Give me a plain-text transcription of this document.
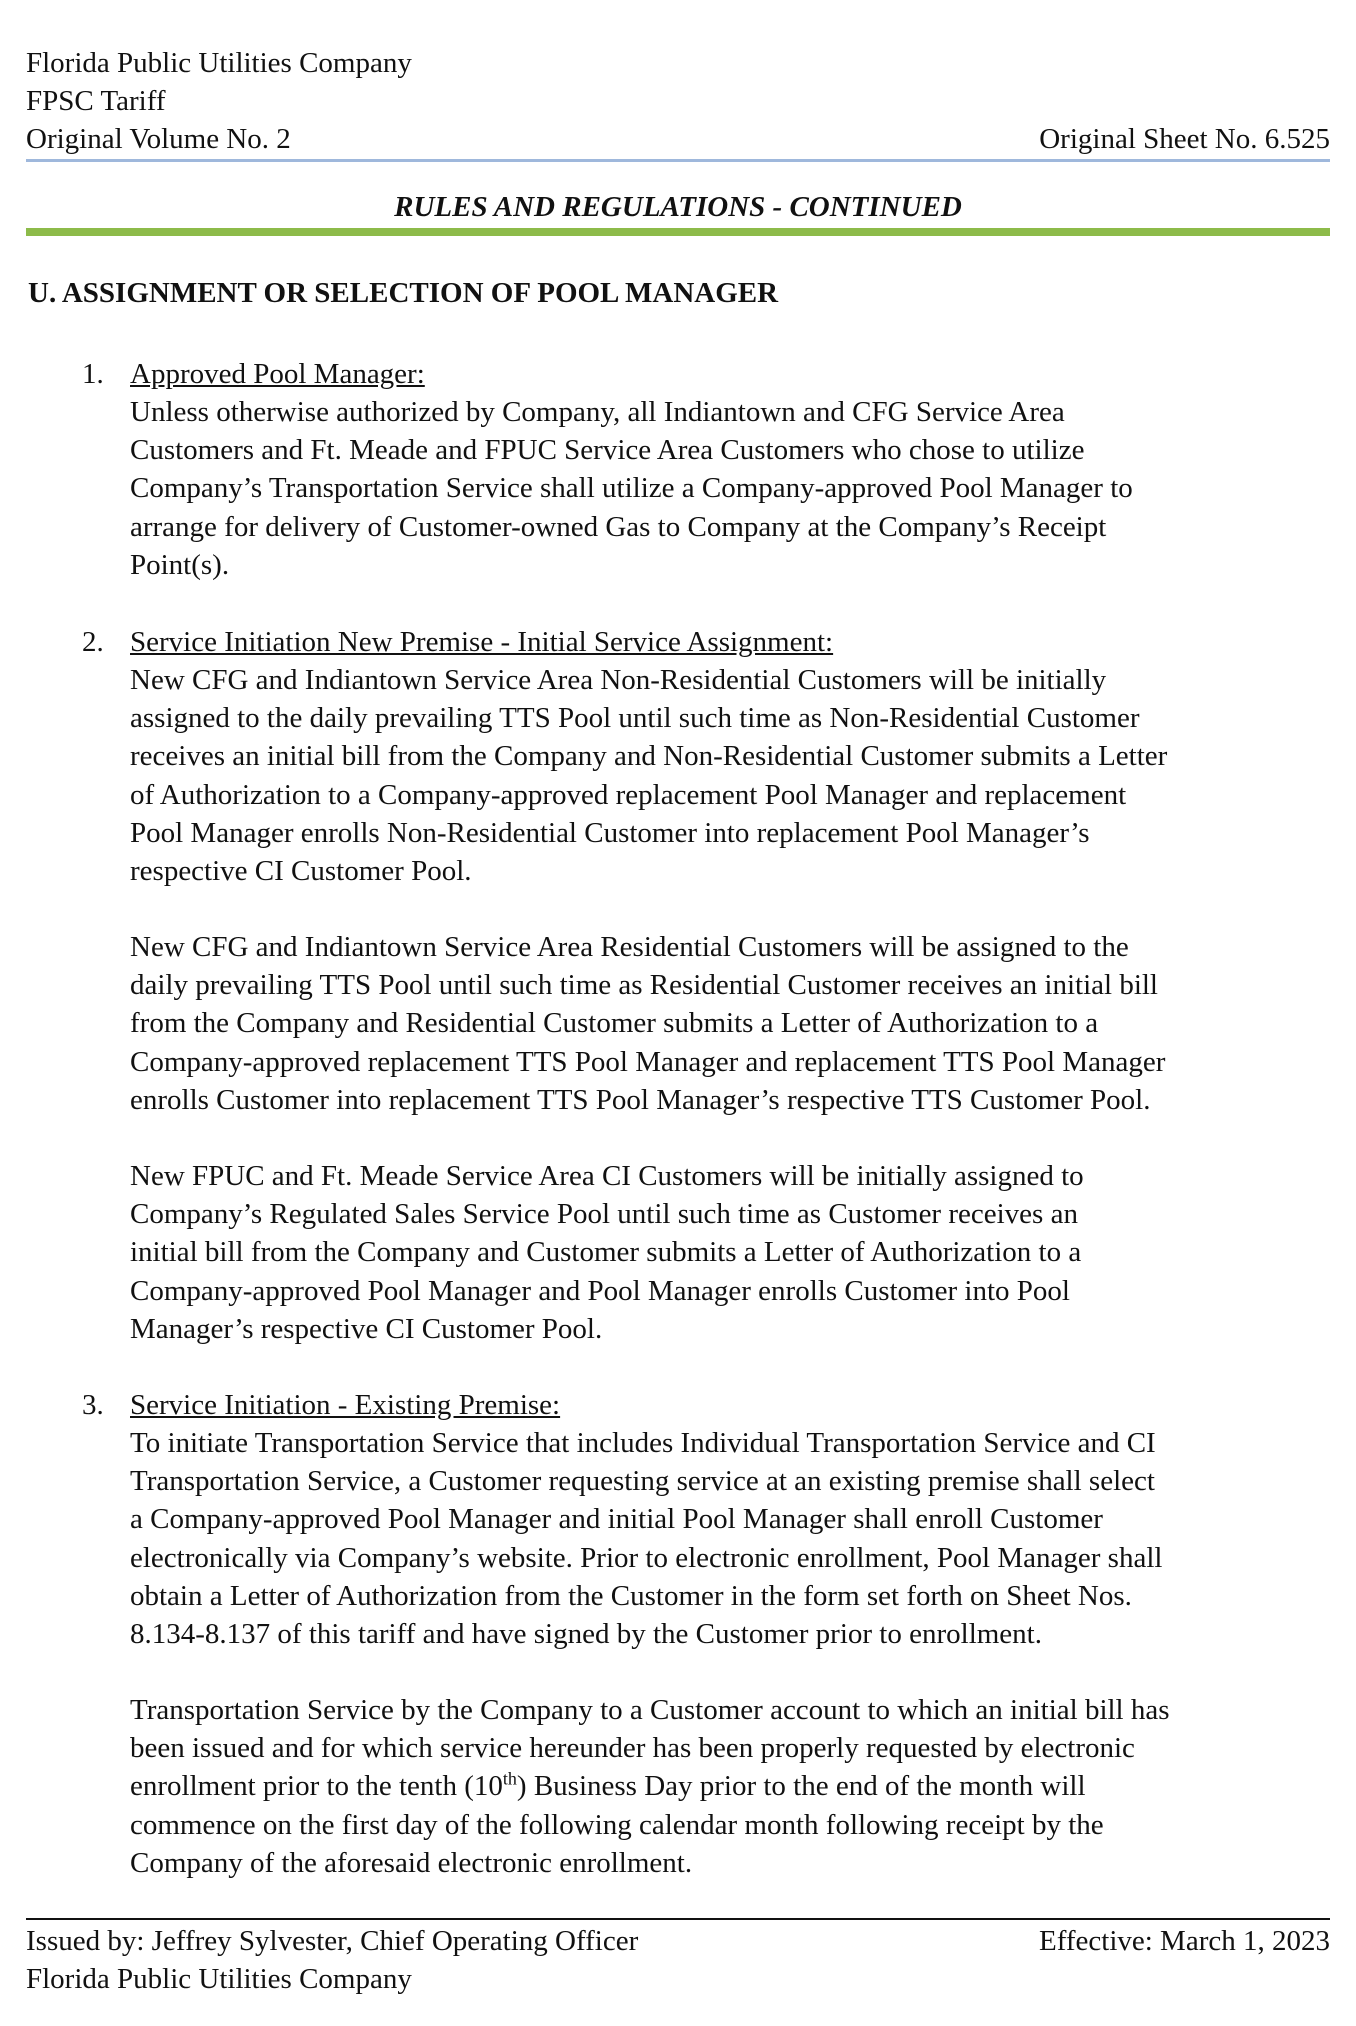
Florida Public Utilities Company
FPSC Tariff
Original Volume No. 2	Original Sheet No. 6.525
RULES AND REGULATIONS - CONTINUED
U. ASSIGNMENT OR SELECTION OF POOL MANAGER
1. Approved Pool Manager:
Unless otherwise authorized by Company, all Indiantown and CFG Service Area
Customers and Ft. Meade and FPUC Service Area Customers who chose to utilize
Company’s Transportation Service shall utilize a Company-approved Pool Manager to
arrange for delivery of Customer-owned Gas to Company at the Company’s Receipt
Point(s).
2. Service Initiation New Premise - Initial Service Assignment:
New CFG and Indiantown Service Area Non-Residential Customers will be initially
assigned to the daily prevailing TTS Pool until such time as Non-Residential Customer
receives an initial bill from the Company and Non-Residential Customer submits a Letter
of Authorization to a Company-approved replacement Pool Manager and replacement
Pool Manager enrolls Non-Residential Customer into replacement Pool Manager’s
respective CI Customer Pool.
New CFG and Indiantown Service Area Residential Customers will be assigned to the
daily prevailing TTS Pool until such time as Residential Customer receives an initial bill
from the Company and Residential Customer submits a Letter of Authorization to a
Company-approved replacement TTS Pool Manager and replacement TTS Pool Manager
enrolls Customer into replacement TTS Pool Manager’s respective TTS Customer Pool.
New FPUC and Ft. Meade Service Area CI Customers will be initially assigned to
Company’s Regulated Sales Service Pool until such time as Customer receives an
initial bill from the Company and Customer submits a Letter of Authorization to a
Company-approved Pool Manager and Pool Manager enrolls Customer into Pool
Manager’s respective CI Customer Pool.
3. Service Initiation - Existing Premise:
To initiate Transportation Service that includes Individual Transportation Service and CI
Transportation Service, a Customer requesting service at an existing premise shall select
a Company-approved Pool Manager and initial Pool Manager shall enroll Customer
electronically via Company’s website. Prior to electronic enrollment, Pool Manager shall
obtain a Letter of Authorization from the Customer in the form set forth on Sheet Nos.
8.134-8.137 of this tariff and have signed by the Customer prior to enrollment.
Transportation Service by the Company to a Customer account to which an initial bill has
been issued and for which service hereunder has been properly requested by electronic
enrollment prior to the tenth (10th) Business Day prior to the end of the month will
commence on the first day of the following calendar month following receipt by the
Company of the aforesaid electronic enrollment.
Issued by: Jeffrey Sylvester, Chief Operating Officer	Effective: March 1, 2023
Florida Public Utilities Company
